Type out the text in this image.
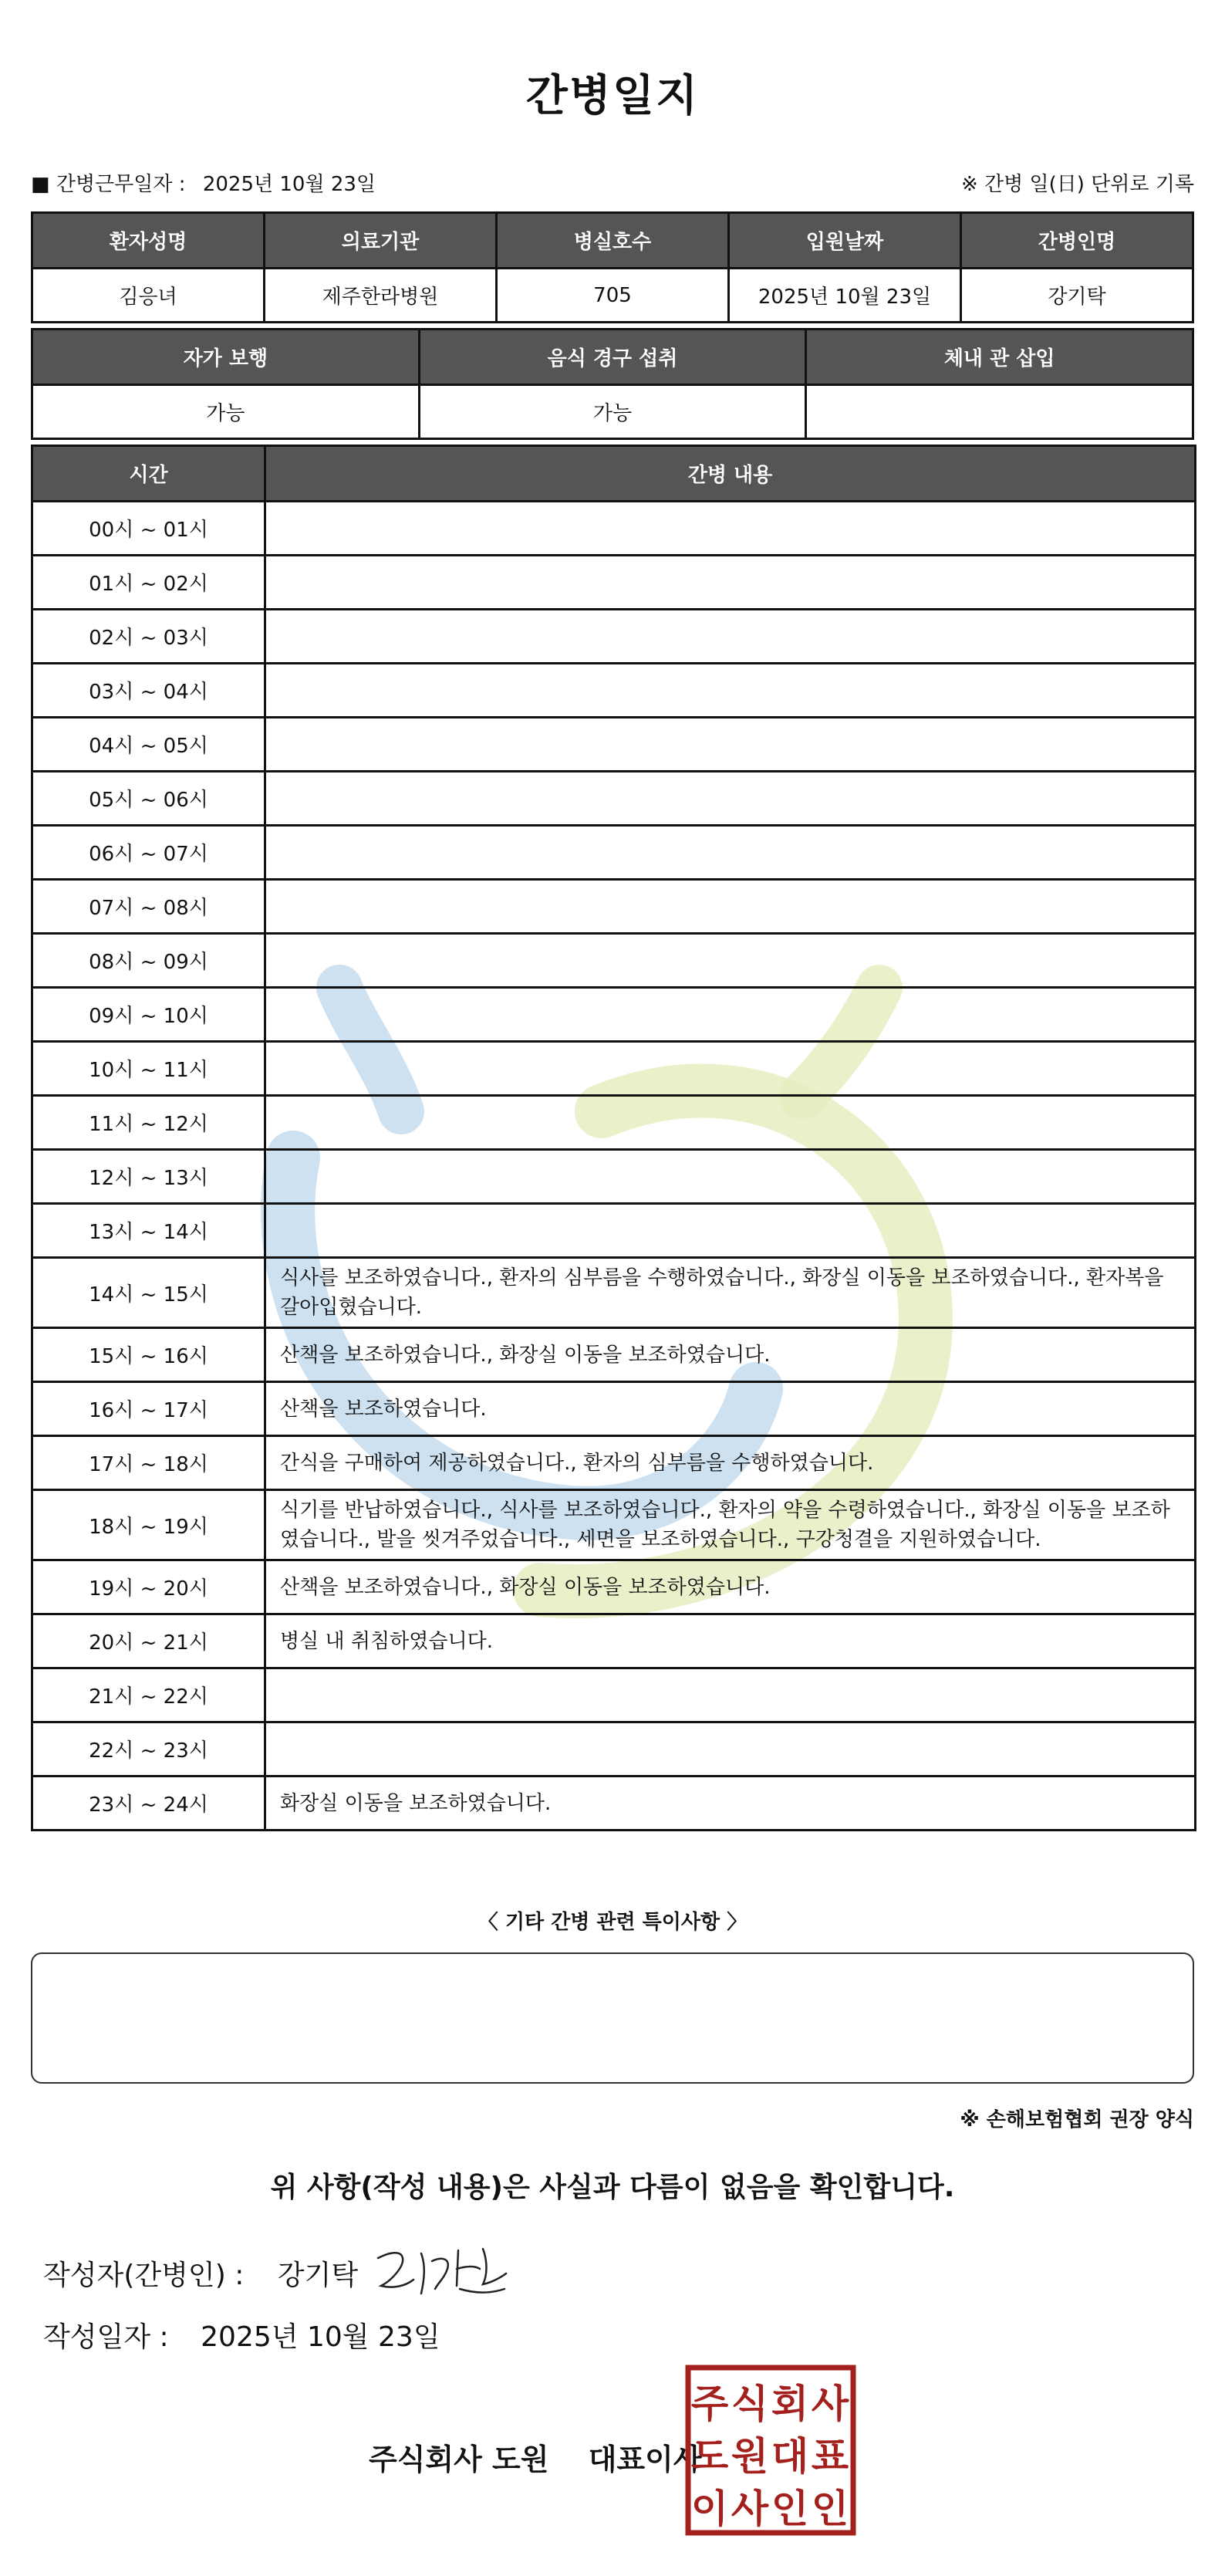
간병일지
■ 간병근무일자 : 2025년 10월 23일	※ 간병 일(日) 단위로 기록
환자성명	의료기관	병실호수	입원날짜	간병인명
김응녀	제주한라병원	705	2025년 10월 23일	강기탁
자가 보행	음식 경구 섭취	체내 관 삽입
가능	가능	
시간	간병 내용
00시 ~ 01시	
01시 ~ 02시	
02시 ~ 03시	
03시 ~ 04시	
04시 ~ 05시	
05시 ~ 06시	
06시 ~ 07시	
07시 ~ 08시	
08시 ~ 09시	
09시 ~ 10시	
10시 ~ 11시	
11시 ~ 12시	
12시 ~ 13시	
13시 ~ 14시	
14시 ~ 15시	식사를 보조하였습니다., 환자의 심부름을 수행하였습니다., 화장실 이동을 보조하였습니다., 환자복을 갈아입혔습니다.
15시 ~ 16시	산책을 보조하였습니다., 화장실 이동을 보조하였습니다.
16시 ~ 17시	산책을 보조하였습니다.
17시 ~ 18시	간식을 구매하여 제공하였습니다., 환자의 심부름을 수행하였습니다.
18시 ~ 19시	식기를 반납하였습니다., 식사를 보조하였습니다., 환자의 약을 수령하였습니다., 화장실 이동을 보조하였습니다., 발을 씻겨주었습니다., 세면을 보조하였습니다., 구강청결을 지원하였습니다.
19시 ~ 20시	산책을 보조하였습니다., 화장실 이동을 보조하였습니다.
20시 ~ 21시	병실 내 취침하였습니다.
21시 ~ 22시	
22시 ~ 23시	
23시 ~ 24시	화장실 이동을 보조하였습니다.
〈 기타 간병 관련 특이사항 〉
※ 손해보험협회 권장 양식
위 사항(작성 내용)은 사실과 다름이 없음을 확인합니다.
작성자(간병인) : 강기탁
작성일자 : 2025년 10월 23일
주식회사 도원 대표이사
주 식 회 사
도 원 대 표
이 사 인 인
